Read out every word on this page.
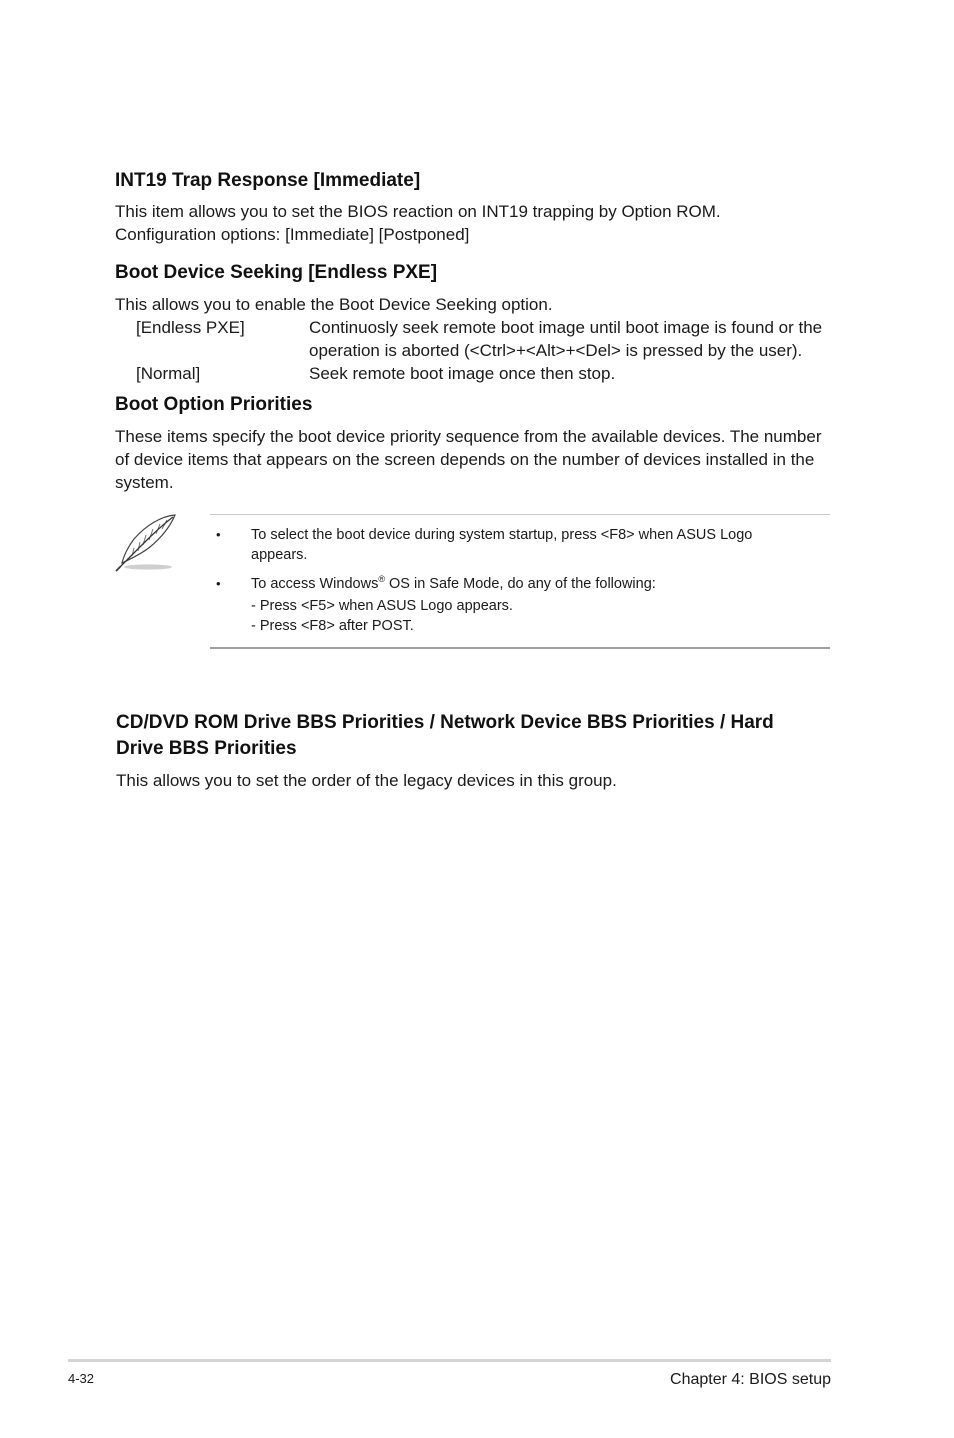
INT19 Trap Response [Immediate]
This item allows you to set the BIOS reaction on INT19 trapping by Option ROM.
Configuration options: [Immediate] [Postponed]
Boot Device Seeking [Endless PXE]
This allows you to enable the Boot Device Seeking option.
[Endless PXE]	Continuosly seek remote boot image until boot image is found or the
operation is aborted (<Ctrl>+<Alt>+<Del> is pressed by the user).
[Normal]	Seek remote boot image once then stop.
Boot Option Priorities
These items specify the boot device priority sequence from the available devices. The number
of device items that appears on the screen depends on the number of devices installed in the
system.
• To select the boot device during system startup, press <F8> when ASUS Logo
appears.
• To access Windows® OS in Safe Mode, do any of the following:
- Press <F5> when ASUS Logo appears.
- Press <F8> after POST.
CD/DVD ROM Drive BBS Priorities / Network Device BBS Priorities / Hard
Drive BBS Priorities
This allows you to set the order of the legacy devices in this group.
4-32	Chapter 4: BIOS setup
